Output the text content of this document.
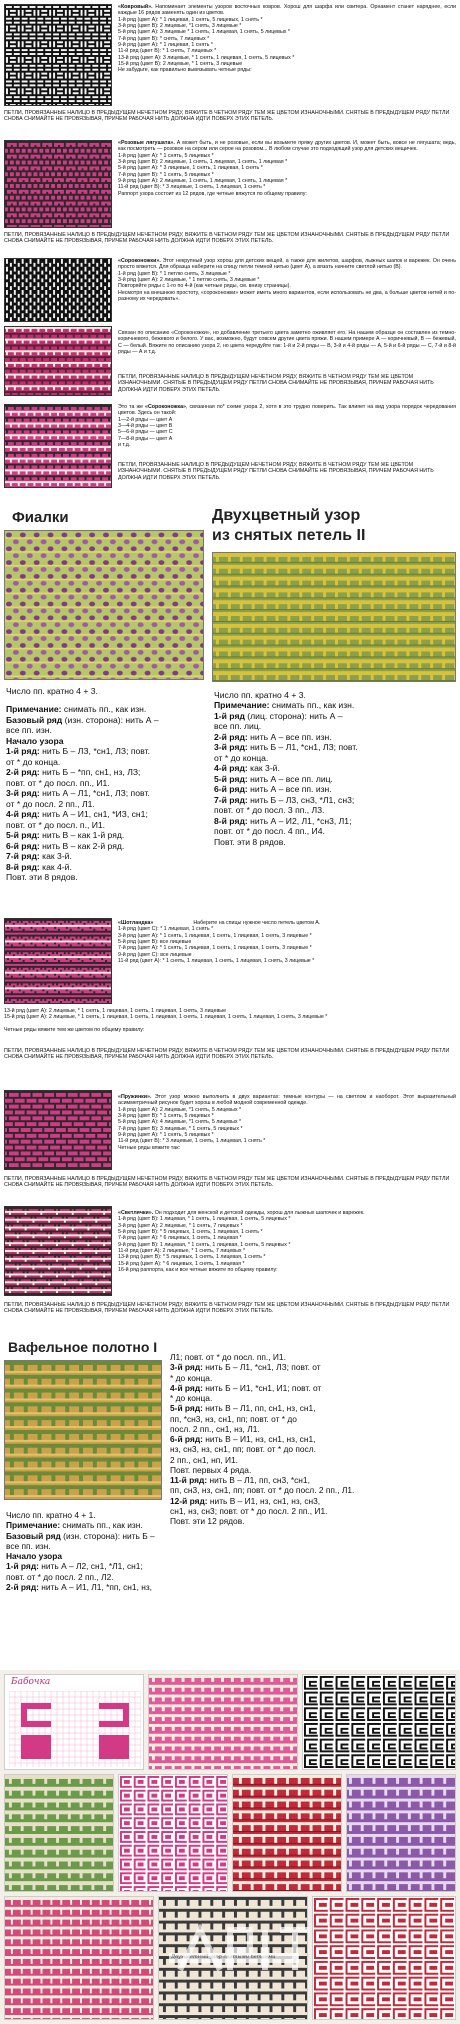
«Ковровый». Напоминает элементы узоров восточных ковров. Хорош для шарфа или свитера. Орнамент станет наряднее, если каждые 16 рядов заменять один из цветов.
1-й ряд (цвет А): * 1 лицевая, 1 снять, 5 лицевых, 1 снять *
3-й ряд (цвет В): 2 лицевые, *1 снять, 3 лицевые *
5-й ряд (цвет А): 3 лицевые * 1 снять, 1 лицевая, 1 снять, 5 лицевых *
7-й ряд (цвет В): * снять, 7 лицевых *
9-й ряд (цвет А): * 1 лицевая, 1 снять *
11-й ряд (цвет В): * 1 снять, 7 лицевых *
13-й ряд (цвет А): 3 лицевые, * 1 снять, 1 лицевая, 1 снять, 5 лицевых *
15-й ряд (цвет В): 2 лицевые, * 1 снять, 3 лицевые
Не забудьте, как правильно вывязывать четные ряды:
ПЕТЛИ, ПРОВЯЗАННЫЕ НАЛИЦО В ПРЕДЫДУЩЕМ НЕЧЕТНОМ РЯДУ, ВЯЖИТЕ В ЧЕТНОМ РЯДУ ТЕМ ЖЕ ЦВЕТОМ ИЗНАНОЧНЫМИ. СНЯТЫЕ В ПРЕДЫДУЩЕМ РЯДУ ПЕТЛИ СНОВА СНИМАЙТЕ НЕ ПРОВЯЗЫВАЯ, ПРИЧЕМ РАБОЧАЯ НИТЬ ДОЛЖНА ИДТИ ПОВЕРХ ЭТИХ ПЕТЕЛЬ.
«Розовые лягушата». А может быть, и не розовые, если вы возьмете пряжу других цветов. И, может быть, вовсе не лягушата; ведь, как посмотреть — розовое на сером или серое на розовом... В любом случае это подходящий узор для детских вещичек.
1-й ряд (цвет А): * 1 снять, 5 лицевых *
3-й ряд (цвет В): 2 лицевые, 1 снять, 1 лицевая, 1 снять, 1 лицевая *
5-й ряд (цвет А): * 3 лицевые, 1 снять, 1 лицевая, 1 снять *
7-й ряд (цвет В): * 1 снять, 5 лицевых *
9-й ряд (цвет А): 2 лицевые, 1 снять, 1 лицевая, 1 снять, 1 лицевая *
11-й ряд (цвет В): * 3 лицевые, 1 снять, 1 лицевая, 1 снять *
Раппорт узора состоит из 12 рядов, где четные вяжутся по общему правилу:
ПЕТЛИ, ПРОВЯЗАННЫЕ НАЛИЦО В ПРЕДЫДУЩЕМ НЕЧЕТНОМ РЯДУ, ВЯЖИТЕ В ЧЕТНОМ РЯДУ ТЕМ ЖЕ ЦВЕТОМ ИЗНАНОЧНЫМИ. СНЯТЫЕ В ПРЕДЫДУЩЕМ РЯДУ ПЕТЛИ СНОВА СНИМАЙТЕ НЕ ПРОВЯЗЫВАЯ, ПРИЧЕМ РАБОЧАЯ НИТЬ ДОЛЖНА ИДТИ ПОВЕРХ ЭТИХ ПЕТЕЛЬ.
«Сороконожки». Этот некрупный узор хорош для детских вещей, а также для жилетов, шарфов, лыжных шапок и варежек. Он очень просто вяжется. Для образца наберите на спицу петли темной нитью (цвет А), а вязать начните светлой нитью (В).
1-й ряд (цвет В): * 1 петлю снять, 3 лицевые *
3-й ряд (цвет А): 2 лицевые, * 1 петлю снять, 3 лицевые *
Повторяйте ряды с 1-го по 4-й (как четные ряды, см. внизу страницы).
Несмотря на внешнюю простоту, «сороконожки» может иметь много вариантов, если использовать не два, а больше цветов нитей и по-разному их чередовать».
Связан по описанию «Сороконожки», но добавление третьего цвета заметно оживляет его. На нашем образце он составлен из темно-коричневого, бежевого и белого. У вас, возможно, будут совсем другие цвета пряжи. В нашем примере А — коричневый, В — бежевый, С — белый. Вяжите по описанию узора 2, но цвета чередуйте так: 1-й и 2-й ряды — В, 3-й и 4-й ряды — А, 5-й и 6-й ряды — С, 7-й и 8-й ряды — А и т.д.
ПЕТЛИ, ПРОВЯЗАННЫЕ НАЛИЦО В ПРЕДЫДУЩЕМ НЕЧЕТНОМ РЯДУ, ВЯЖИТЕ В ЧЕТНОМ РЯДУ ТЕМ ЖЕ ЦВЕТОМ ИЗНАНОЧНЫМИ. СНЯТЫЕ В ПРЕДЫДУЩЕМ РЯДУ ПЕТЛИ СНОВА СНИМАЙТЕ НЕ ПРОВЯЗЫВАЯ, ПРИЧЕМ РАБОЧАЯ НИТЬ ДОЛЖНА ИДТИ ПОВЕРХ ЭТИХ ПЕТЕЛЬ.
Это та же «Сороконожка», связанная по* схеме узора 2, хотя в это трудно поверить. Так влияет на вид узора порядок чередования цветов. Здесь он такой:
1—2-й ряды — цвет А
3—4-й ряды — цвет В
5—6-й ряды — цвет С
7—8-й ряды — цвет А
и т.д.
ПЕТЛИ, ПРОВЯЗАННЫЕ НАЛИЦО В ПРЕДЫДУЩЕМ НЕЧЕТНОМ РЯДУ, ВЯЖИТЕ В ЧЕТНОМ РЯДУ ТЕМ ЖЕ ЦВЕТОМ ИЗНАНОЧНЫМИ. СНЯТЫЕ В ПРЕДЫДУЩЕМ РЯДУ ПЕТЛИ СНОВА СНИМАЙТЕ НЕ ПРОВЯЗЫВАЯ, ПРИЧЕМ РАБОЧАЯ НИТЬ ДОЛЖНА ИДТИ ПОВЕРХ ЭТИХ ПЕТЕЛЬ.
Фиалки	Двухцветный узор
из снятых петель II
Число пп. кратно 4 + 3.
Примечание: снимать пп., как изн.
Базовый ряд (изн. сторона): нить А –
все пп. изн.
Начало узора
1-й ряд: нить Б – ЛЗ, *сн1, ЛЗ; повт.
от * до конца.
2-й ряд: нить Б – *пп, сн1, нз, ЛЗ;
повт. от * до посл. пп., И1.
3-й ряд: нить А – Л1, *сн1, ЛЗ; повт.
от * до посл. 2 пп., Л1.
4-й ряд: нить А – И1, сн1, *ИЗ, сн1;
повт. от * до посл. п., И1.
5-й ряд: нить В – как 1-й ряд.
6-й ряд: нить В – как 2-й ряд.
7-й ряд: как 3-й.
8-й ряд: как 4-й.
Повт. эти 8 рядов.
Число пп. кратно 4 + 3.
Примечание: снимать пп., как изн.
1-й ряд (лиц. сторона): нить А –
все пп. лиц.
2-й ряд: нить А – все пп. изн.
3-й ряд: нить Б – Л1, *сн1, ЛЗ; повт.
от * до конца.
4-й ряд: как 3-й.
5-й ряд: нить А – все пп. лиц.
6-й ряд: нить А – все пп. изн.
7-й ряд: нить Б – Л3, сн3, *Л1, сн3;
повт. от * до посл. 3 пп., Л3.
8-й ряд: нить А – И2, Л1, *сн3, Л1;
повт. от * до посл. 4 пп., И4.
Повт. эти 8 рядов.
«Шотландка»	Наберите на спицы нужное число петель цветом А.
1-й ряд (цвет С): * 1 лицевая, 1 снять *
3-й ряд (цвет А): * 1 снять, 1 лицевая, 1 снять, 1 лицевая, 1 снять, 3 лицевые *
5-й ряд (цвет В): все лицевые
7-й ряд (цвет А): * 1 снять, 1 лицевая, 1 снять, 1 лицевая, 1 снять, 3 лицевые *
9-й ряд (цвет С): все лицевые
11-й ряд (цвет А): * 1 снять, 1 лицевая, 1 снять, 1 лицевая, 1 снять, 3 лицевые *
13-й ряд (цвет А): 2 лицевые, * 1 снять, 1 лицевая, 1 снять, 1 лицевая, 1 снять, 3 лицевые
15-й ряд (цвет А): 2 лицевые, * 1 снять, 1 лицевая, 1 снять, 1 лицевая, 1 снять, 1 лицевая, 1 снять, 1 лицевая, 1 снять, 3 лицевые *
Четные ряды вяжите тем же цветом по общему правилу:
ПЕТЛИ, ПРОВЯЗАННЫЕ НАЛИЦО В ПРЕДЫДУЩЕМ НЕЧЕТНОМ РЯДУ, ВЯЖИТЕ В ЧЕТНОМ РЯДУ ТЕМ ЖЕ ЦВЕТОМ ИЗНАНОЧНЫМИ. СНЯТЫЕ В ПРЕДЫДУЩЕМ РЯДУ ПЕТЛИ СНОВА СНИМАЙТЕ НЕ ПРОВЯЗЫВАЯ, ПРИЧЕМ РАБОЧАЯ НИТЬ ДОЛЖНА ИДТИ ПОВЕРХ ЭТИХ ПЕТЕЛЬ.
«Пружинки». Этот узор можно выполнить в двух вариантах: темные контуры — на светлом и наоборот. Этот выразительный асимметричный рисунок будет хорош в любой модной современной одежде.
1-й ряд (цвет А): 2 лицевые, *1 снять, 5 лицевых *
3-й ряд (цвет В): * 1 снять, 5 лицевых *
5-й ряд (цвет А): 4 лицевые, *1 снять, 5 лицевых *
7-й ряд (цвет В): 3 лицевые, * 1 снять, 5 лицевых *
9-й ряд (цвет А): * 1 снять, 5 лицевых *
11-й ряд (цвет В): * 3 лицевые, 1 снять, 1 лицевая, 1 снять *
Четные ряды вяжите так:
ПЕТЛИ, ПРОВЯЗАННЫЕ НАЛИЦО В ПРЕДЫДУЩЕМ НЕЧЕТНОМ РЯДУ, ВЯЖИТЕ В ЧЕТНОМ РЯДУ ТЕМ ЖЕ ЦВЕТОМ ИЗНАНОЧНЫМИ. СНЯТЫЕ В ПРЕДЫДУЩЕМ РЯДУ ПЕТЛИ СНОВА СНИМАЙТЕ НЕ ПРОВЯЗЫВАЯ, ПРИЧЕМ РАБОЧАЯ НИТЬ ДОЛЖНА ИДТИ ПОВЕРХ ЭТИХ ПЕТЕЛЬ.
«Светлячки». Он подходит для женской и детской одежды, хорош для лыжных шапочек и варежек.
1-й ряд (цвет В): 1 лицевая, * 1 снять, 1 лицевая, 1 снять, 5 лицевых *
3-й ряд (цвет А): 2 лицевые, * 1 снять, 7 лицевых *
5-й ряд (цвет В): * 5 лицевых, 1 снять, 1 лицевая, 1 снять *
7-й ряд (цвет А): * 6 лицевых, 1 снять, 1 лицевая *
9-й ряд (цвет В): 1 лицевая, * 1 снять, 1 лицевая, 1 снять, 5 лицевых *
11-й ряд (цвет А): 2 лицевые, * 1 снять, 7 лицевых *
13-й ряд (цвет В): * 5 лицевых, 1 снять, 1 лицевая, 1 снять *
15-й ряд (цвет А): * 6 лицевых, 1 снять, 1 лицевая *
16-й ряд раппорта, как и все четные вяжите по общему правилу:
ПЕТЛИ, ПРОВЯЗАННЫЕ НАЛИЦО В ПРЕДЫДУЩЕМ НЕЧЕТНОМ РЯДУ, ВЯЖИТЕ В ЧЕТНОМ РЯДУ ТЕМ ЖЕ ЦВЕТОМ ИЗНАНОЧНЫМИ. СНЯТЫЕ В ПРЕДЫДУЩЕМ РЯДУ ПЕТЛИ СНОВА СНИМАЙТЕ НЕ ПРОВЯЗЫВАЯ, ПРИЧЕМ РАБОЧАЯ НИТЬ ДОЛЖНА ИДТИ ПОВЕРХ ЭТИХ ПЕТЕЛЬ.
Вафельное полотно I
Число пп. кратно 4 + 1.
Примечание: снимать пп., как изн.
Базовый ряд (изн. сторона): нить Б –
все пп. изн.
Начало узора
1-й ряд: нить А – Л2, сн1, *Л1, сн1;
повт. от * до посл. 2 пп., Л2.
2-й ряд: нить А – И1, Л1, *пп, сн1, нз,
Л1; повт. от * до посл. пп., И1.
3-й ряд: нить Б – Л1, *сн1, ЛЗ; повт. от
* до конца.
4-й ряд: нить Б – И1, *сн1, И1; повт. от
* до конца.
5-й ряд: нить В – Л1, пп, сн1, нз, сн1,
пп, *сн3, нз, сн1, пп; повт. от * до
посл. 2 пп., сн1, нз, Л1.
6-й ряд: нить В – И1, нз, сн1, нз, сн1,
нз, сн3, нз, сн1, пп; повт. от * до посл.
2 пп., сн1, нп, И1.
Повт. первых 4 рядa.
11-й ряд: нить В – Л1, пп, сн3, *сн1,
пп, сн3, нз, сн1, пп; повт. от * до посл. 2 пп., Л1.
12-й ряд: нить В – И1, нз, сн1, нз, сн3,
сн1, нз, сн3; повт. от * до посл. 2 пп., И1.
Повт. эти 12 рядов.
Бабочка
Двухцветный узор снятыми петлями
